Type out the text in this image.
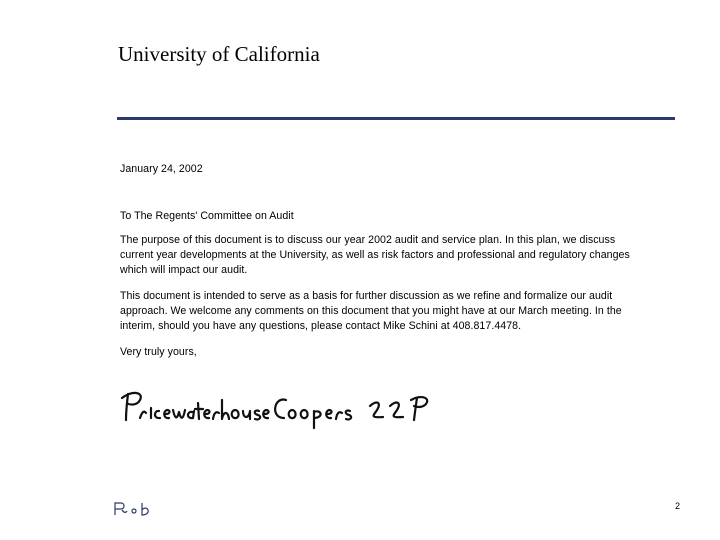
University of California
January 24, 2002
To The Regents' Committee on Audit
The purpose of this document is to discuss our year 2002 audit and service plan. In this plan, we discuss current year developments at the University, as well as risk factors and professional and regulatory changes which will impact our audit.
This document is intended to serve as a basis for further discussion as we refine and formalize our audit approach. We welcome any comments on this document that you might have at our March meeting. In the interim, should you have any questions, please contact Mike Schini at 408.817.4478.
Very truly yours,
2
